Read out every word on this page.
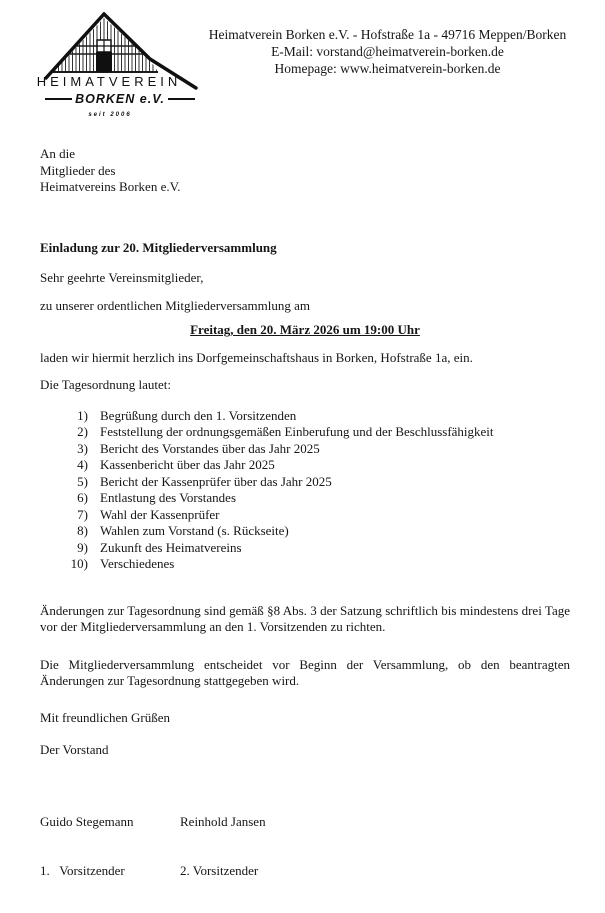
HEIMATVEREIN
BORKEN e.V.
seit 2006
Heimatverein Borken e.V. - Hofstraße 1a - 49716 Meppen/Borken
E-Mail: vorstand@heimatverein-borken.de
Homepage: www.heimatverein-borken.de
An die
Mitglieder des
Heimatvereins Borken e.V.
Einladung zur 20. Mitgliederversammlung
Sehr geehrte Vereinsmitglieder,
zu unserer ordentlichen Mitgliederversammlung am
Freitag, den 20. März 2026 um 19:00 Uhr
laden wir hiermit herzlich ins Dorfgemeinschaftshaus in Borken, Hofstraße 1a, ein.
Die Tagesordnung lautet:
1) Begrüßung durch den 1. Vorsitzenden
2) Feststellung der ordnungsgemäßen Einberufung und der Beschlussfähigkeit
3) Bericht des Vorstandes über das Jahr 2025
4) Kassenbericht über das Jahr 2025
5) Bericht der Kassenprüfer über das Jahr 2025
6) Entlastung des Vorstandes
7) Wahl der Kassenprüfer
8) Wahlen zum Vorstand (s. Rückseite)
9) Zukunft des Heimatvereins
10) Verschiedenes

Änderungen zur Tagesordnung sind gemäß §8 Abs. 3 der Satzung schriftlich bis mindestens drei Tage vor der Mitgliederversammlung an den 1. Vorsitzenden zu richten.

Die Mitgliederversammlung entscheidet vor Beginn der Versammlung, ob den beantragten Änderungen zur Tagesordnung stattgegeben wird.

Mit freundlichen Grüßen
Der Vorstand

Guido Stegemann

1.   Vorsitzender

Reinhold Jansen

2. Vorsitzender
